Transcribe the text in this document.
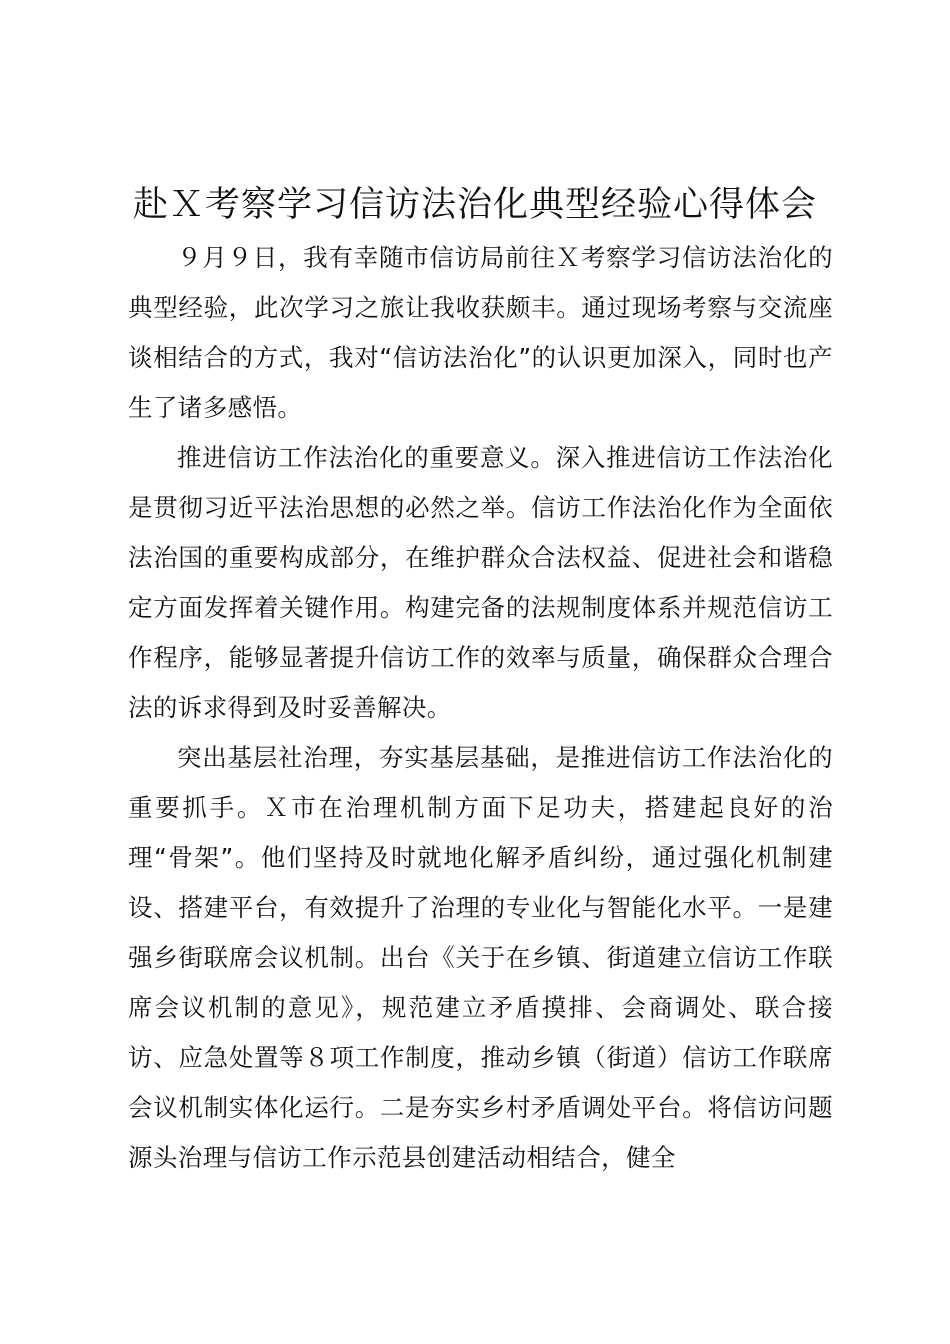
赴Ｘ考察学习信访法治化典型经验心得体会

９月９日，我有幸随市信访局前往Ｘ考察学习信访法治化的典型经验，此次学习之旅让我收获颇丰。通过现场考察与交流座谈相结合的方式，我对“信访法治化”的认识更加深入，同时也产生了诸多感悟。

推进信访工作法治化的重要意义。深入推进信访工作法治化是贯彻习近平法治思想的必然之举。信访工作法治化作为全面依法治国的重要构成部分，在维护群众合法权益、促进社会和谐稳定方面发挥着关键作用。构建完备的法规制度体系并规范信访工作程序，能够显著提升信访工作的效率与质量，确保群众合理合法的诉求得到及时妥善解决。

突出基层社治理，夯实基层基础，是推进信访工作法治化的重要抓手。Ｘ市在治理机制方面下足功夫，搭建起良好的治理“骨架”。他们坚持及时就地化解矛盾纠纷，通过强化机制建设、搭建平台，有效提升了治理的专业化与智能化水平。一是建强乡街联席会议机制。出台《关于在乡镇、街道建立信访工作联席会议机制的意见》，规范建立矛盾摸排、会商调处、联合接访、应急处置等８项工作制度，推动乡镇（街道）信访工作联席会议机制实体化运行。二是夯实乡村矛盾调处平台。将信访问题源头治理与信访工作示范县创建活动相结合，健全
